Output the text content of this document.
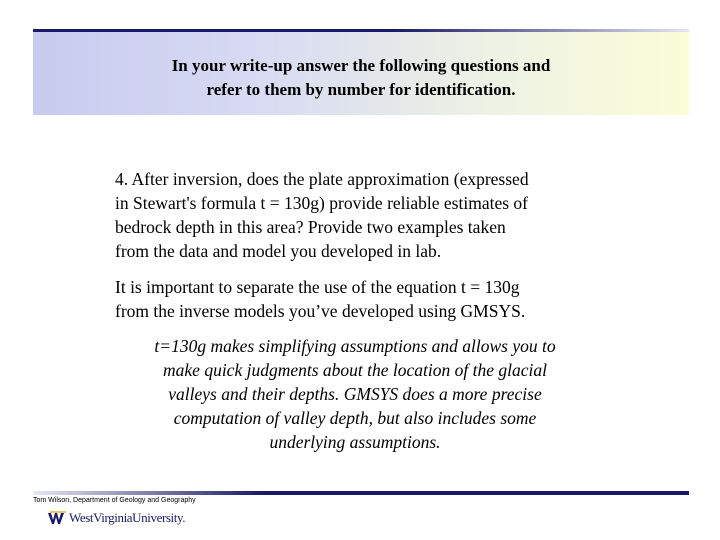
In your write-up answer the following questions and
refer to them by number for identification.

4. After inversion, does the plate approximation (expressed
in Stewart's formula t = 130g) provide reliable estimates of
bedrock depth in this area? Provide two examples taken
from the data and model you developed in lab.

It is important to separate the use of the equation t = 130g
from the inverse models you’ve developed using GMSYS.

t=130g makes simplifying assumptions and allows you to
make quick judgments about the location of the glacial
valleys and their depths. GMSYS does a more precise
computation of valley depth, but also includes some
underlying assumptions.

Tom Wilson, Department of Geology and Geography
WestVirginiaUniversity.
